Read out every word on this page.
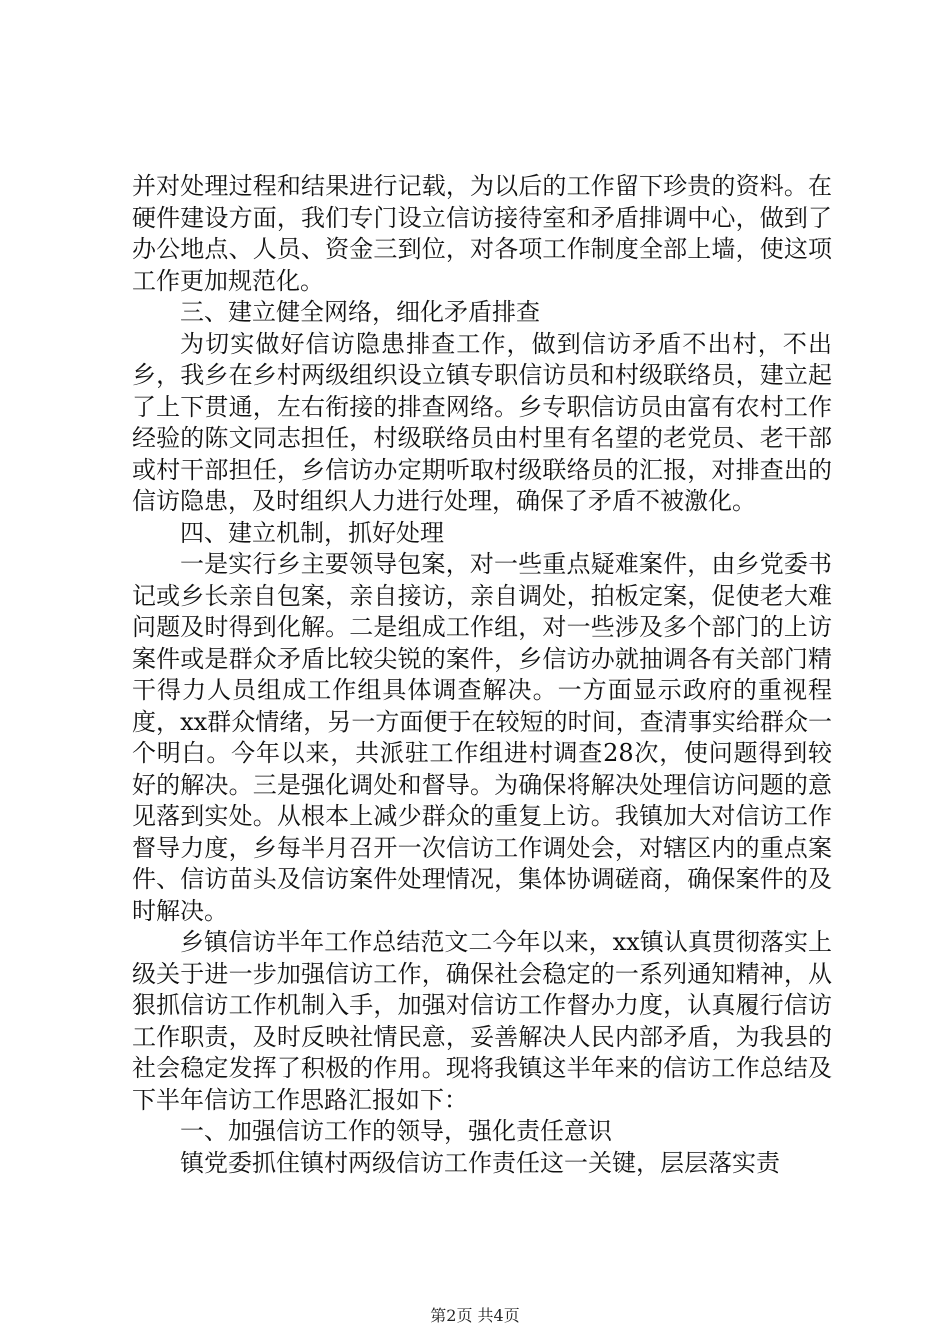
并对处理过程和结果进行记载，为以后的工作留下珍贵的资料。在硬件建设方面，我们专门设立信访接待室和矛盾排调中心，做到了办公地点、人员、资金三到位，对各项工作制度全部上墙，使这项工作更加规范化。

三、建立健全网络，细化矛盾排查

为切实做好信访隐患排查工作，做到信访矛盾不出村，不出乡，我乡在乡村两级组织设立镇专职信访员和村级联络员，建立起了上下贯通，左右衔接的排查网络。乡专职信访员由富有农村工作经验的陈文同志担任，村级联络员由村里有名望的老党员、老干部或村干部担任，乡信访办定期听取村级联络员的汇报，对排查出的信访隐患，及时组织人力进行处理，确保了矛盾不被激化。

四、建立机制，抓好处理

一是实行乡主要领导包案，对一些重点疑难案件，由乡党委书记或乡长亲自包案，亲自接访，亲自调处，拍板定案，促使老大难问题及时得到化解。二是组成工作组，对一些涉及多个部门的上访案件或是群众矛盾比较尖锐的案件，乡信访办就抽调各有关部门精干得力人员组成工作组具体调查解决。一方面显示政府的重视程度，xx群众情绪，另一方面便于在较短的时间，查清事实给群众一个明白。今年以来，共派驻工作组进村调查28次，使问题得到较好的解决。三是强化调处和督导。为确保将解决处理信访问题的意见落到实处。从根本上减少群众的重复上访。我镇加大对信访工作督导力度，乡每半月召开一次信访工作调处会，对辖区内的重点案件、信访苗头及信访案件处理情况，集体协调磋商，确保案件的及时解决。

乡镇信访半年工作总结范文二今年以来，xx镇认真贯彻落实上级关于进一步加强信访工作，确保社会稳定的一系列通知精神，从狠抓信访工作机制入手，加强对信访工作督办力度，认真履行信访工作职责，及时反映社情民意，妥善解决人民内部矛盾，为我县的社会稳定发挥了积极的作用。现将我镇这半年来的信访工作总结及下半年信访工作思路汇报如下：

一、加强信访工作的领导，强化责任意识

镇党委抓住镇村两级信访工作责任这一关键，层层落实责

第2页 共4页
